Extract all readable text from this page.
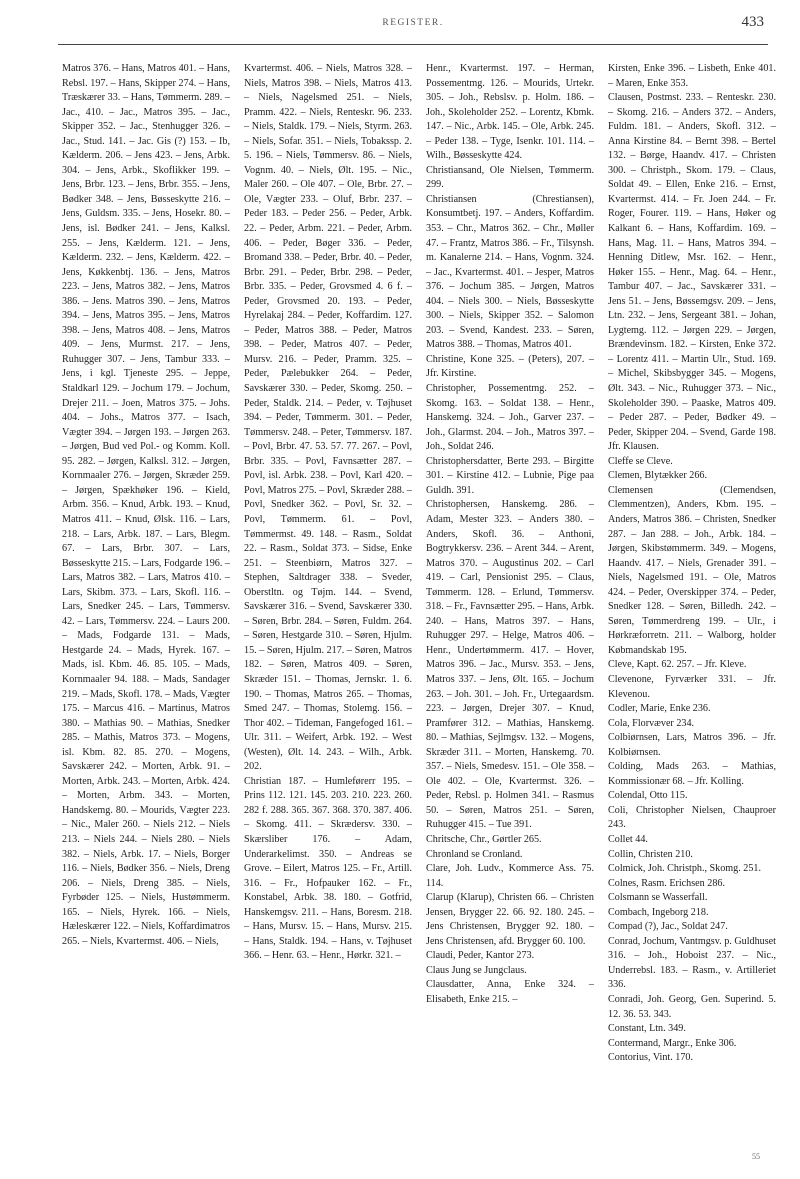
REGISTER.	433

Matros 376. – Hans, Matros 401. – Hans, Rebsl. 197. – Hans, Skipper 274. – Hans, Træskærer 33. – Hans, Tømmerm. 289. – Jac., 410. – Jac., Matros 395. – Jac., Skipper 352. – Jac., Stenhugger 326. – Jac., Stud. 141. – Jac. Gis (?) 153. – Ib, Kælderm. 206. – Jens 423. – Jens, Arbk. 304. – Jens, Arbk., Skoflikker 199. – Jens, Brbr. 123. – Jens, Brbr. 355. – Jens, Bødker 348. – Jens, Bøsseskytte 216. – Jens, Guldsm. 335. – Jens, Hosekr. 80. – Jens, isl. Bødker 241. – Jens, Kalksl. 255. – Jens, Kælderm. 121. – Jens, Kælderm. 232. – Jens, Kælderm. 422. – Jens, Køkkenbtj. 136. – Jens, Matros 223. – Jens, Matros 382. – Jens, Matros 386. – Jens. Matros 390. – Jens, Matros 394. – Jens, Matros 395. – Jens, Matros 398. – Jens, Matros 408. – Jens, Matros 409. – Jens, Murmst. 217. – Jens, Ruhugger 307. – Jens, Tambur 333. – Jens, i kgl. Tjeneste 295. – Jeppe, Staldkarl 129. – Jochum 179. – Jochum, Drejer 211. – Joen, Matros 375. – Johs. 404. – Johs., Matros 377. – Isach, Vægter 394. – Jørgen 193. – Jørgen 263. – Jørgen, Bud ved Pol.- og Komm. Koll. 95. 282. – Jørgen, Kalksl. 312. – Jørgen, Kornmaaler 276. – Jørgen, Skræder 259. – Jørgen, Spækhøker 196. – Kield, Arbm. 356. – Knud, Arbk. 193. – Knud, Matros 411. – Knud, Ølsk. 116. – Lars, 218. – Lars, Arbk. 187. – Lars, Blegm. 67. – Lars, Brbr. 307. – Lars, Bøsseskytte 215. – Lars, Fodgarde 196. – Lars, Matros 382. – Lars, Matros 410. – Lars, Skibm. 373. – Lars, Skofl. 116. – Lars, Snedker 245. – Lars, Tømmersv. 42. – Lars, Tømmersv. 224. – Laurs 200. – Mads, Fodgarde 131. – Mads, Hestgarde 24. – Mads, Hyrek. 167. – Mads, isl. Kbm. 46. 85. 105. – Mads, Kornmaaler 94. 188. – Mads, Sandager 219. – Mads, Skofl. 178. – Mads, Vægter 175. – Marcus 416. – Martinus, Matros 380. – Mathias 90. – Mathias, Snedker 285. – Mathis, Matros 373. – Mogens, isl. Kbm. 82. 85. 270. – Mogens, Savskærer 242. – Morten, Arbk. 91. – Morten, Arbk. 243. – Morten, Arbk. 424. – Morten, Arbm. 343. – Morten, Handskemg. 80. – Mourids, Vægter 223. – Nic., Maler 260. – Niels 212. – Niels 213. – Niels 244. – Niels 280. – Niels 382. – Niels, Arbk. 17. – Niels, Borger 116. – Niels, Bødker 356. – Niels, Dreng 206. – Niels, Dreng 385. – Niels, Fyrbøder 125. – Niels, Hustømmerm. 165. – Niels, Hyrek. 166. – Niels, Hæleskærer 122. – Niels, Koffardimatros 265. – Niels, Kvartermst. 406. – Niels,

Kvartermst. 406. – Niels, Matros 328. – Niels, Matros 398. – Niels, Matros 413. – Niels, Nagelsmed 251. – Niels, Pramm. 422. – Niels, Renteskr. 96. 233. – Niels, Staldk. 179. – Niels, Styrm. 263. – Niels, Sofar. 351. – Niels, Tobakssp. 2. 5. 196. – Niels, Tømmersv. 86. – Niels, Vognm. 40. – Niels, Ølt. 195. – Nic., Maler 260. – Ole 407. – Ole, Brbr. 27. – Ole, Vægter 233. – Oluf, Brbr. 237. – Peder 183. – Peder 256. – Peder, Arbk. 22. – Peder, Arbm. 221. – Peder, Arbm. 406. – Peder, Bøger 336. – Peder, Bromand 338. – Peder, Brbr. 40. – Peder, Brbr. 291. – Peder, Brbr. 298. – Peder, Brbr. 335. – Peder, Grovsmed 4. 6 f. – Peder, Grovsmed 20. 193. – Peder, Hyrelakaj 284. – Peder, Koffardim. 127. – Peder, Matros 388. – Peder, Matros 398. – Peder, Matros 407. – Peder, Mursv. 216. – Peder, Pramm. 325. – Peder, Pælebukker 264. – Peder, Savskærer 330. – Peder, Skomg. 250. – Peder, Staldk. 214. – Peder, v. Tøjhuset 394. – Peder, Tømmerm. 301. – Peder, Tømmersv. 248. – Peter, Tømmersv. 187. – Povl, Brbr. 47. 53. 57. 77. 267. – Povl, Brbr. 335. – Povl, Favnsætter 287. – Povl, isl. Arbk. 238. – Povl, Karl 420. – Povl, Matros 275. – Povl, Skræder 288. – Povl, Snedker 362. – Povl, Sr. 32. – Povl, Tømmerm. 61. – Povl, Tømmermst. 49. 148. – Rasm., Soldat 22. – Rasm., Soldat 373. – Sidse, Enke 251. – Steenbiørn, Matros 327. – Stephen, Saltdrager 338. – Sveder, Oberstltn. og Tøjm. 144. – Svend, Savskærer 316. – Svend, Savskærer 330. – Søren, Brbr. 284. – Søren, Fuldm. 264. – Søren, Hestgarde 310. – Søren, Hjulm. 15. – Søren, Hjulm. 217. – Søren, Matros 182. – Søren, Matros 409. – Søren, Skræder 151. – Thomas, Jernskr. 1. 6. 190. – Thomas, Matros 265. – Thomas, Smed 247. – Thomas, Stolemg. 156. – Thor 402. – Tideman, Fangefoged 161. – Ulr. 311. – Weifert, Arbk. 192. – West (Westen), Ølt. 14. 243. – Wilh., Arbk. 202.

Christian 187. – Humleførerr 195. – Prins 112. 121. 145. 203. 210. 223. 260. 282 f. 288. 365. 367. 368. 370. 387. 406. – Skomg. 411. – Skrædersv. 330. – Skærsliber 176. – Adam, Underarkelimst. 350. – Andreas se Grove. – Eilert, Matros 125. – Fr., Artill. 316. – Fr., Hofpauker 162. – Fr., Konstabel, Arbk. 38. 180. – Gotfrid, Hanskemgsv. 211. – Hans, Boresm. 218. – Hans, Mursv. 15. – Hans, Mursv. 215. – Hans, Staldk. 194. – Hans, v. Tøjhuset 366. – Henr. 63. – Henr., Hørkr. 321. –

Henr., Kvartermst. 197. – Herman, Possementmg. 126. – Mourids, Urtekr. 305. – Joh., Rebslsv. p. Holm. 186. – Joh., Skoleholder 252. – Lorentz, Kbmk. 147. – Nic., Arbk. 145. – Ole, Arbk. 245. – Peder 138. – Tyge, Isenkr. 101. 114. – Wilh., Bøsseskytte 424.

Christiansand, Ole Nielsen, Tømmerm. 299.

Christiansen (Chrestiansen), Konsumtbetj. 197. – Anders, Koffardim. 353. – Chr., Matros 362. – Chr., Møller 47. – Frantz, Matros 386. – Fr., Tilsynsh. m. Kanalerne 214. – Hans, Vognm. 324. – Jac., Kvartermst. 401. – Jesper, Matros 376. – Jochum 385. – Jørgen, Matros 404. – Niels 300. – Niels, Bøsseskytte 300. – Niels, Skipper 352. – Salomon 203. – Svend, Kandest. 233. – Søren, Matros 388. – Thomas, Matros 401.

Christine, Kone 325. – (Peters), 207. – Jfr. Kirstine.

Christopher, Possementmg. 252. – Skomg. 163. – Soldat 138. – Henr., Hanskemg. 324. – Joh., Garver 237. – Joh., Glarmst. 204. – Joh., Matros 397. – Joh., Soldat 246.

Christophersdatter, Berte 293. – Birgitte 301. – Kirstine 412. – Lubnie, Pige paa Guldh. 391.

Christophersen, Hanskemg. 286. – Adam, Mester 323. – Anders 380. – Anders, Skofl. 36. – Anthoni, Bogtrykkersv. 236. – Arent 344. – Arent, Matros 370. – Augustinus 202. – Carl 419. – Carl, Pensionist 295. – Claus, Tømmerm. 128. – Erlund, Tømmersv. 318. – Fr., Favnsætter 295. – Hans, Arbk. 240. – Hans, Matros 397. – Hans, Ruhugger 297. – Helge, Matros 406. – Henr., Undertømmerm. 417. – Hover, Matros 396. – Jac., Mursv. 353. – Jens, Matros 337. – Jens, Ølt. 165. – Jochum 263. – Joh. 301. – Joh. Fr., Urtegaardsm. 223. – Jørgen, Drejer 307. – Knud, Pramfører 312. – Mathias, Hanskemg. 80. – Mathias, Sejlmgsv. 132. – Mogens, Skræder 311. – Morten, Hanskemg. 70. 357. – Niels, Smedesv. 151. – Ole 358. – Ole 402. – Ole, Kvartermst. 326. – Peder, Rebsl. p. Holmen 341. – Rasmus 50. – Søren, Matros 251. – Søren, Ruhugger 415. – Tue 391.

Chritsche, Chr., Gørtler 265.

Chronland se Cronland.

Clare, Joh. Ludv., Kommerce Ass. 75. 114.

Clarup (Klarup), Christen 66. – Christen Jensen, Brygger 22. 66. 92. 180. 245. – Jens Christensen, Brygger 92. 180. – Jens Christensen, afd. Brygger 60. 100.

Claudi, Peder, Kantor 273.

Claus Jung se Jungclaus.

Clausdatter, Anna, Enke 324. – Elisabeth, Enke 215. –

Kirsten, Enke 396. – Lisbeth, Enke 401. – Maren, Enke 353.

Clausen, Postmst. 233. – Renteskr. 230. – Skomg. 216. – Anders 372. – Anders, Fuldm. 181. – Anders, Skofl. 312. – Anna Kirstine 84. – Bernt 398. – Bertel 132. – Børge, Haandv. 417. – Christen 300. – Christph., Skom. 179. – Claus, Soldat 49. – Ellen, Enke 216. – Ernst, Kvartermst. 414. – Fr. Joen 244. – Fr. Roger, Fourer. 119. – Hans, Høker og Kalkant 6. – Hans, Koffardim. 169. – Hans, Mag. 11. – Hans, Matros 394. – Henning Ditlew, Msr. 162. – Henr., Høker 155. – Henr., Mag. 64. – Henr., Tambur 407. – Jac., Savskærer 331. – Jens 51. – Jens, Bøssemgsv. 209. – Jens, Ltn. 232. – Jens, Sergeant 381. – Johan, Lygtemg. 112. – Jørgen 229. – Jørgen, Brændevinsm. 182. – Kirsten, Enke 372. – Lorentz 411. – Martin Ulr., Stud. 169. – Michel, Skibsbygger 345. – Mogens, Ølt. 343. – Nic., Ruhugger 373. – Nic., Skoleholder 390. – Paaske, Matros 409. – Peder 287. – Peder, Bødker 49. – Peder, Skipper 204. – Svend, Garde 198. Jfr. Klausen.

Cleffe se Cleve.

Clemen, Blytækker 266.

Clemensen (Clemendsen, Clemmentzen), Anders, Kbm. 195. – Anders, Matros 386. – Christen, Snedker 287. – Jan 288. – Joh., Arbk. 184. – Jørgen, Skibstømmerm. 349. – Mogens, Haandv. 417. – Niels, Grenader 391. – Niels, Nagelsmed 191. – Ole, Matros 424. – Peder, Overskipper 374. – Peder, Snedker 128. – Søren, Billedh. 242. – Søren, Tømmerdreng 199. – Ulr., i Hørkræforretn. 211. – Walborg, holder Købmandskab 195.

Cleve, Kapt. 62. 257. – Jfr. Kleve.

Clevenone, Fyrværker 331. – Jfr. Klevenou.

Codler, Marie, Enke 236.

Cola, Florvæver 234.

Colbiørnsen, Lars, Matros 396. – Jfr. Kolbiørnsen.

Colding, Mads 263. – Mathias, Kommissionær 68. – Jfr. Kolling.

Colendal, Otto 115.

Coli, Christopher Nielsen, Chauproer 243.

Collet 44.

Collin, Christen 210.

Colmick, Joh. Christph., Skomg. 251.

Colnes, Rasm. Erichsen 286.

Colsmann se Wasserfall.

Combach, Ingeborg 218.

Compad (?), Jac., Soldat 247.

Conrad, Jochum, Vantmgsv. p. Guldhuset 316. – Joh., Hoboist 237. – Nic., Underrebsl. 183. – Rasm., v. Artilleriet 336.

Conradi, Joh. Georg, Gen. Superind. 5. 12. 36. 53. 343.

Constant, Ltn. 349.

Contermand, Margr., Enke 306.

Contorius, Vint. 170.

55
